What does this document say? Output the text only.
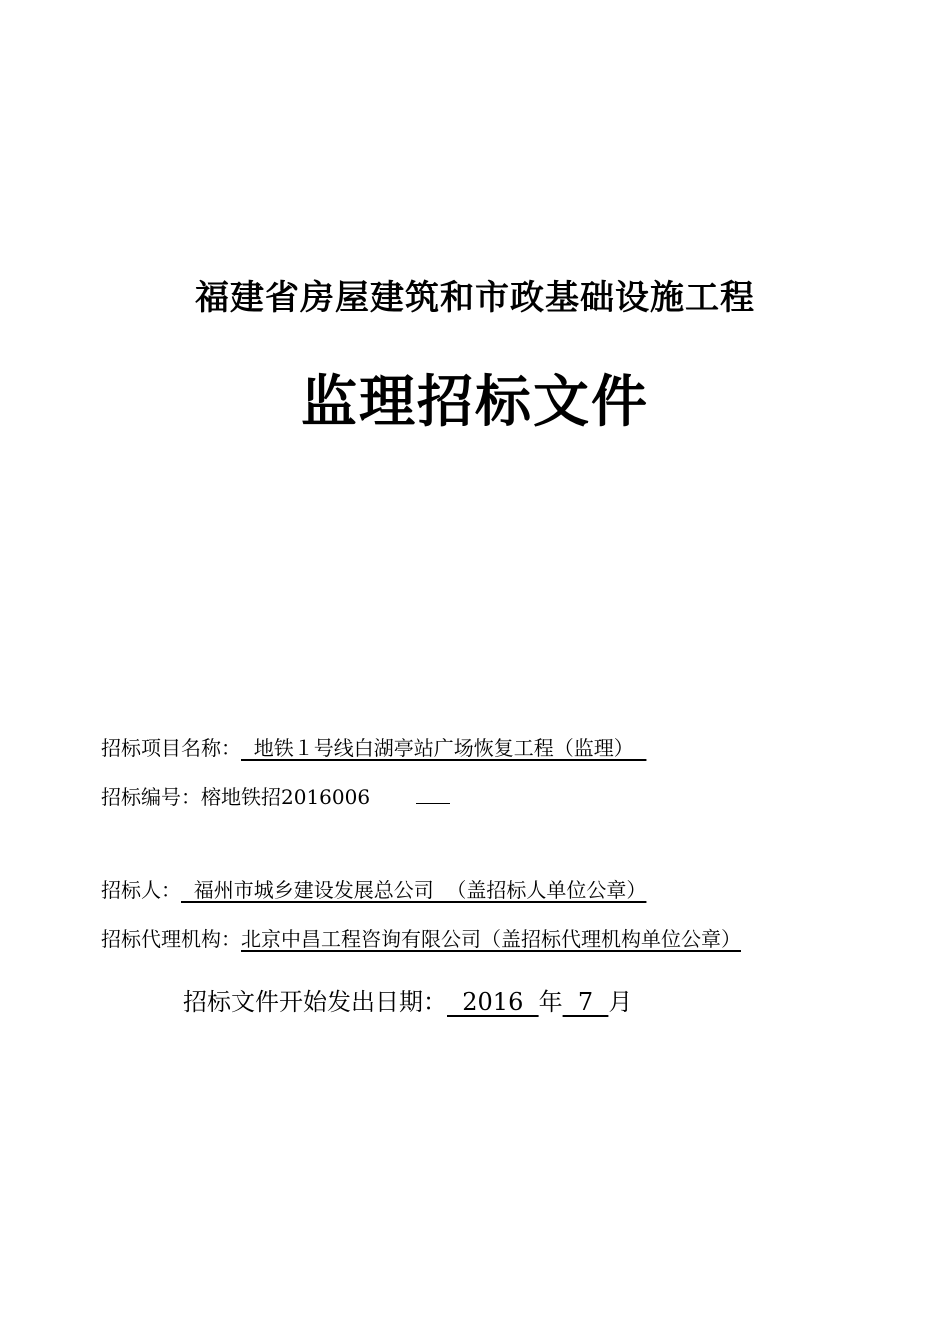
福建省房屋建筑和市政基础设施工程
监理招标文件
招标项目名称：  地铁１号线白湖亭站广场恢复工程（监理）
招标编号：榕地铁招2016006
招标人：  福州市城乡建设发展总公司  （盖招标人单位公章）
招标代理机构：北京中昌工程咨询有限公司（盖招标代理机构单位公章）
招标文件开始发出日期：  2016  年  7  月
